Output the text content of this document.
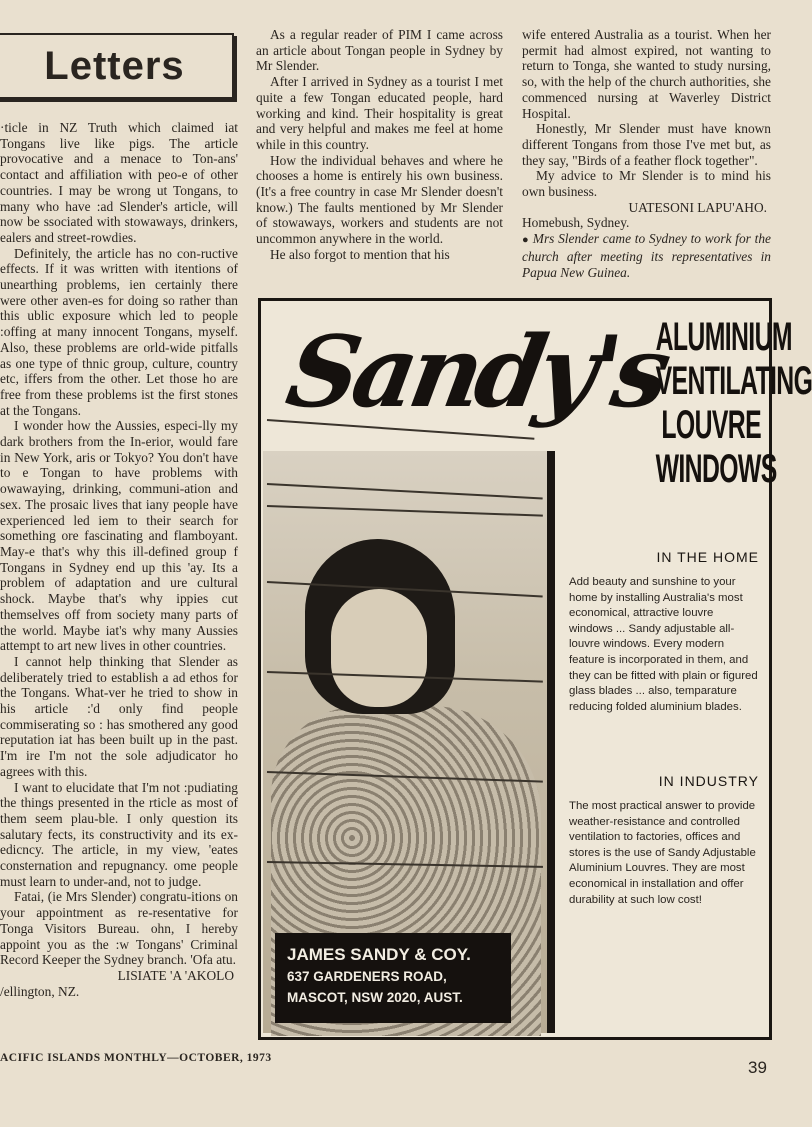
Letters

·ticle in NZ Truth which claimed iat Tongans live like pigs. The article provocative and a menace to Ton-ans' contact and affiliation with peo-e of other countries. I may be wrong ut Tongans, to many who have :ad Slender's article, will now be ssociated with stowaways, drinkers, ealers and street-rowdies.

Definitely, the article has no con-ructive effects. If it was written with itentions of unearthing problems, ien certainly there were other aven-es for doing so rather than this ublic exposure which led to people :offing at many innocent Tongans, myself. Also, these problems are orld-wide pitfalls as one type of thnic group, culture, country etc, iffers from the other. Let those ho are free from these problems ist the first stones at the Tongans.

I wonder how the Aussies, especi-lly my dark brothers from the In-erior, would fare in New York, aris or Tokyo? You don't have to e Tongan to have problems with owawaying, drinking, communi-ation and sex. The prosaic lives that iany people have experienced led iem to their search for something ore fascinating and flamboyant. May-e that's why this ill-defined group f Tongans in Sydney end up this 'ay. Its a problem of adaptation and ure cultural shock. Maybe that's why ippies cut themselves off from society many parts of the world. Maybe iat's why many Aussies attempt to art new lives in other countries.

I cannot help thinking that Slender as deliberately tried to establish a ad ethos for the Tongans. What-ver he tried to show in his article :'d only find people commiserating so : has smothered any good reputation iat has been built up in the past. I'm ire I'm not the sole adjudicator ho agrees with this.

I want to elucidate that I'm not :pudiating the things presented in the rticle as most of them seem plau-ble. I only question its salutary fects, its constructivity and its ex-edicncy. The article, in my view, 'eates consternation and repugnancy. ome people must learn to under-and, not to judge.

Fatai, (ie Mrs Slender) congratu-itions on your appointment as re-resentative for Tonga Visitors Bureau. ohn, I hereby appoint you as the :w Tongans' Criminal Record Keeper the Sydney branch. 'Ofa atu.

LISIATE 'A 'AKOLO

/ellington, NZ.

As a regular reader of PIM I came across an article about Tongan people in Sydney by Mr Slender.

After I arrived in Sydney as a tourist I met quite a few Tongan educated people, hard working and kind. Their hospitality is great and very helpful and makes me feel at home while in this country.

How the individual behaves and where he chooses a home is entirely his own business. (It's a free country in case Mr Slender doesn't know.) The faults mentioned by Mr Slender of stowaways, workers and students are not uncommon anywhere in the world.

He also forgot to mention that his

wife entered Australia as a tourist. When her permit had almost expired, not wanting to return to Tonga, she wanted to study nursing, so, with the help of the church authorities, she commenced nursing at Waverley District Hospital.

Honestly, Mr Slender must have known different Tongans from those I've met but, as they say, "Birds of a feather flock together".

My advice to Mr Slender is to mind his own business.

UATESONI LAPU'AHO.

Homebush, Sydney.

● Mrs Slender came to Sydney to work for the church after meeting its representatives in Papua New Guinea.

Sandy's
ALUMINIUM
VENTILATING
LOUVRE
WINDOWS
IN THE HOME
Add beauty and sunshine to your home by installing Australia's most economical, attractive louvre windows ... Sandy adjustable all-louvre windows. Every modern feature is incorporated in them, and they can be fitted with plain or figured glass blades ... also, temparature reducing folded aluminium blades.
IN INDUSTRY
The most practical answer to provide weather-resistance and controlled ventilation to factories, offices and stores is the use of Sandy Adjustable Aluminium Louvres. They are most economical in installation and offer durability at such low cost!
JAMES SANDY & COY.
637 GARDENERS ROAD,
MASCOT, NSW 2020, AUST.
ACIFIC ISLANDS MONTHLY—OCTOBER, 1973	39
